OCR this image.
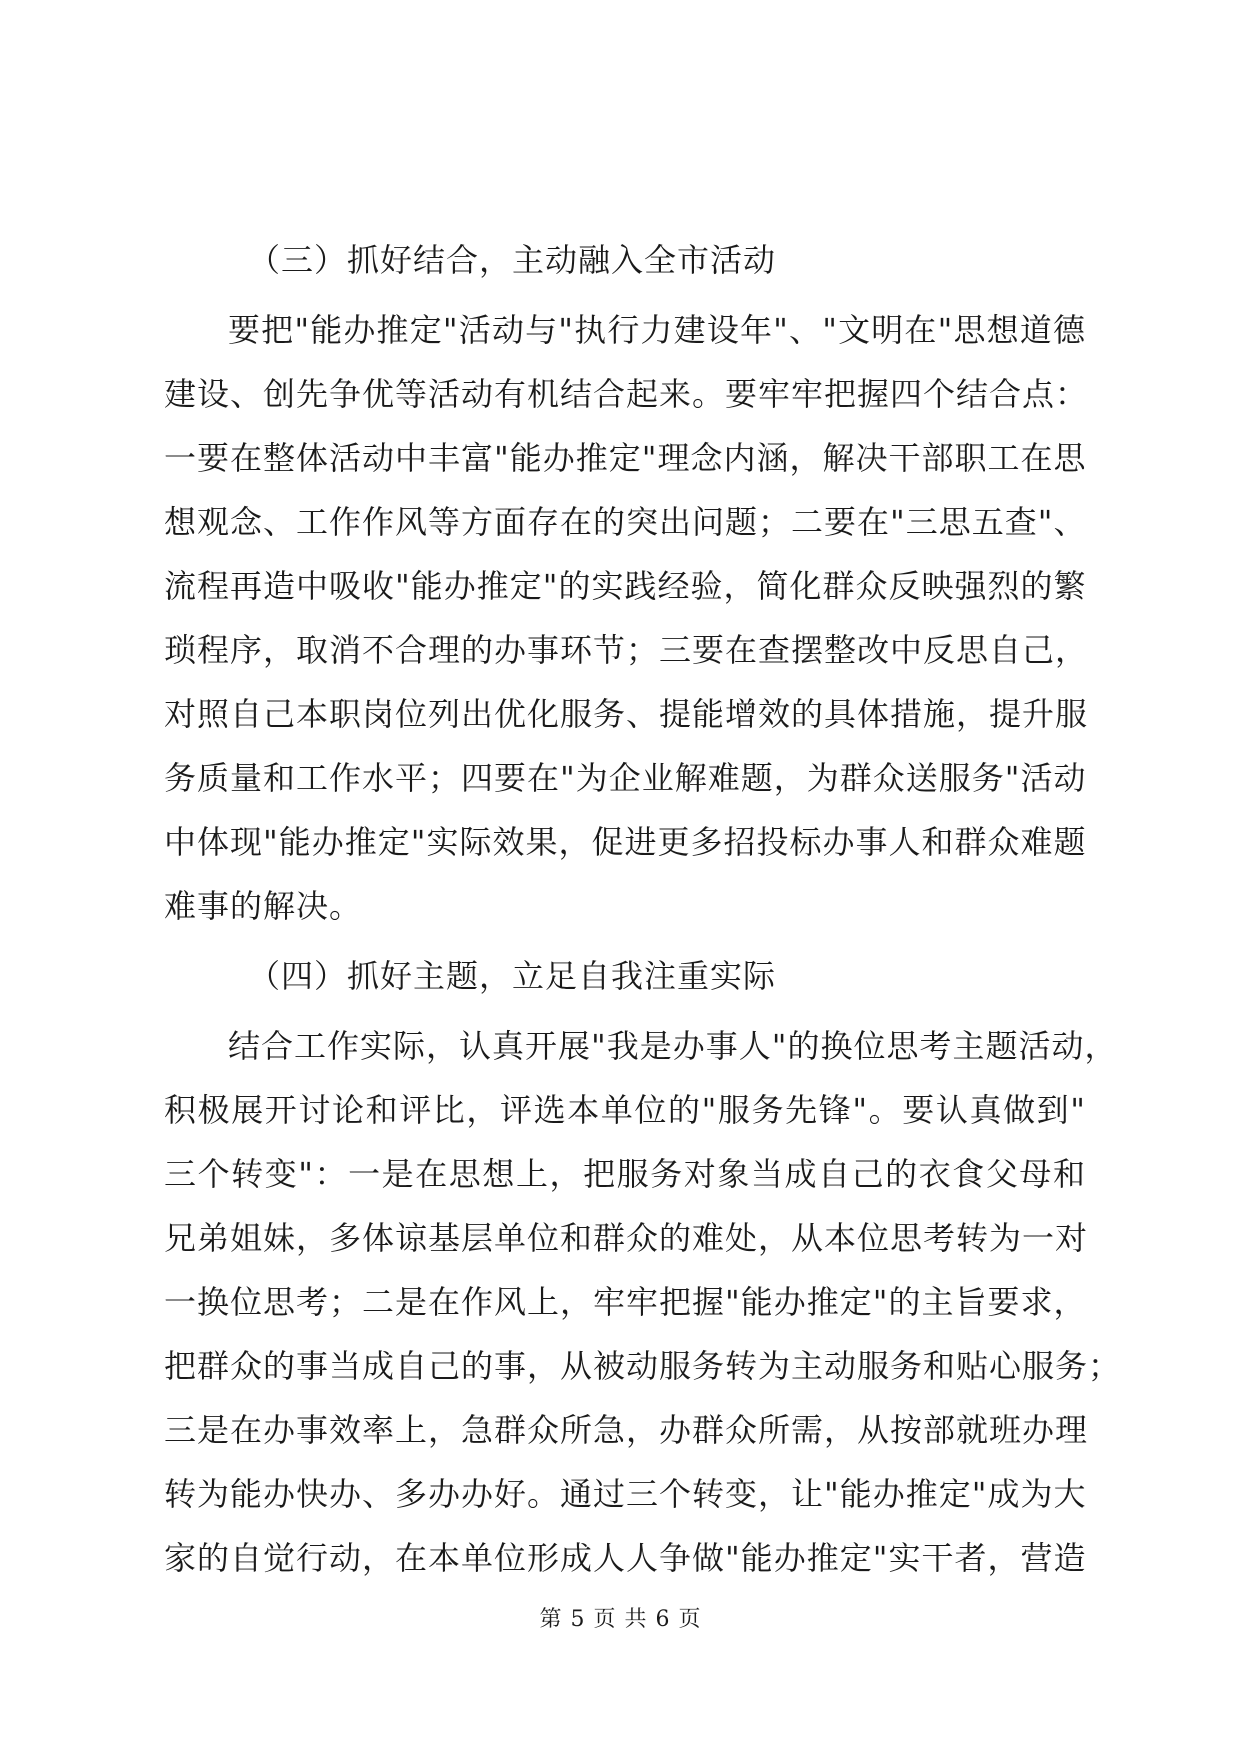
（三）抓好结合，主动融入全市活动
要把"能办推定"活动与"执行力建设年"、"文明在"思想道德
建设、创先争优等活动有机结合起来。要牢牢把握四个结合点：
一要在整体活动中丰富"能办推定"理念内涵，解决干部职工在思
想观念、工作作风等方面存在的突出问题；二要在"三思五查"、
流程再造中吸收"能办推定"的实践经验，简化群众反映强烈的繁
琐程序，取消不合理的办事环节；三要在查摆整改中反思自己，
对照自己本职岗位列出优化服务、提能增效的具体措施，提升服
务质量和工作水平；四要在"为企业解难题，为群众送服务"活动
中体现"能办推定"实际效果，促进更多招投标办事人和群众难题
难事的解决。
（四）抓好主题，立足自我注重实际
结合工作实际，认真开展"我是办事人"的换位思考主题活动，
积极展开讨论和评比，评选本单位的"服务先锋"。要认真做到"
三个转变"：一是在思想上，把服务对象当成自己的衣食父母和
兄弟姐妹，多体谅基层单位和群众的难处，从本位思考转为一对
一换位思考；二是在作风上，牢牢把握"能办推定"的主旨要求，
把群众的事当成自己的事，从被动服务转为主动服务和贴心服务；
三是在办事效率上，急群众所急，办群众所需，从按部就班办理
转为能办快办、多办办好。通过三个转变，让"能办推定"成为大
家的自觉行动，在本单位形成人人争做"能办推定"实干者，营造
第 5 页 共 6 页
